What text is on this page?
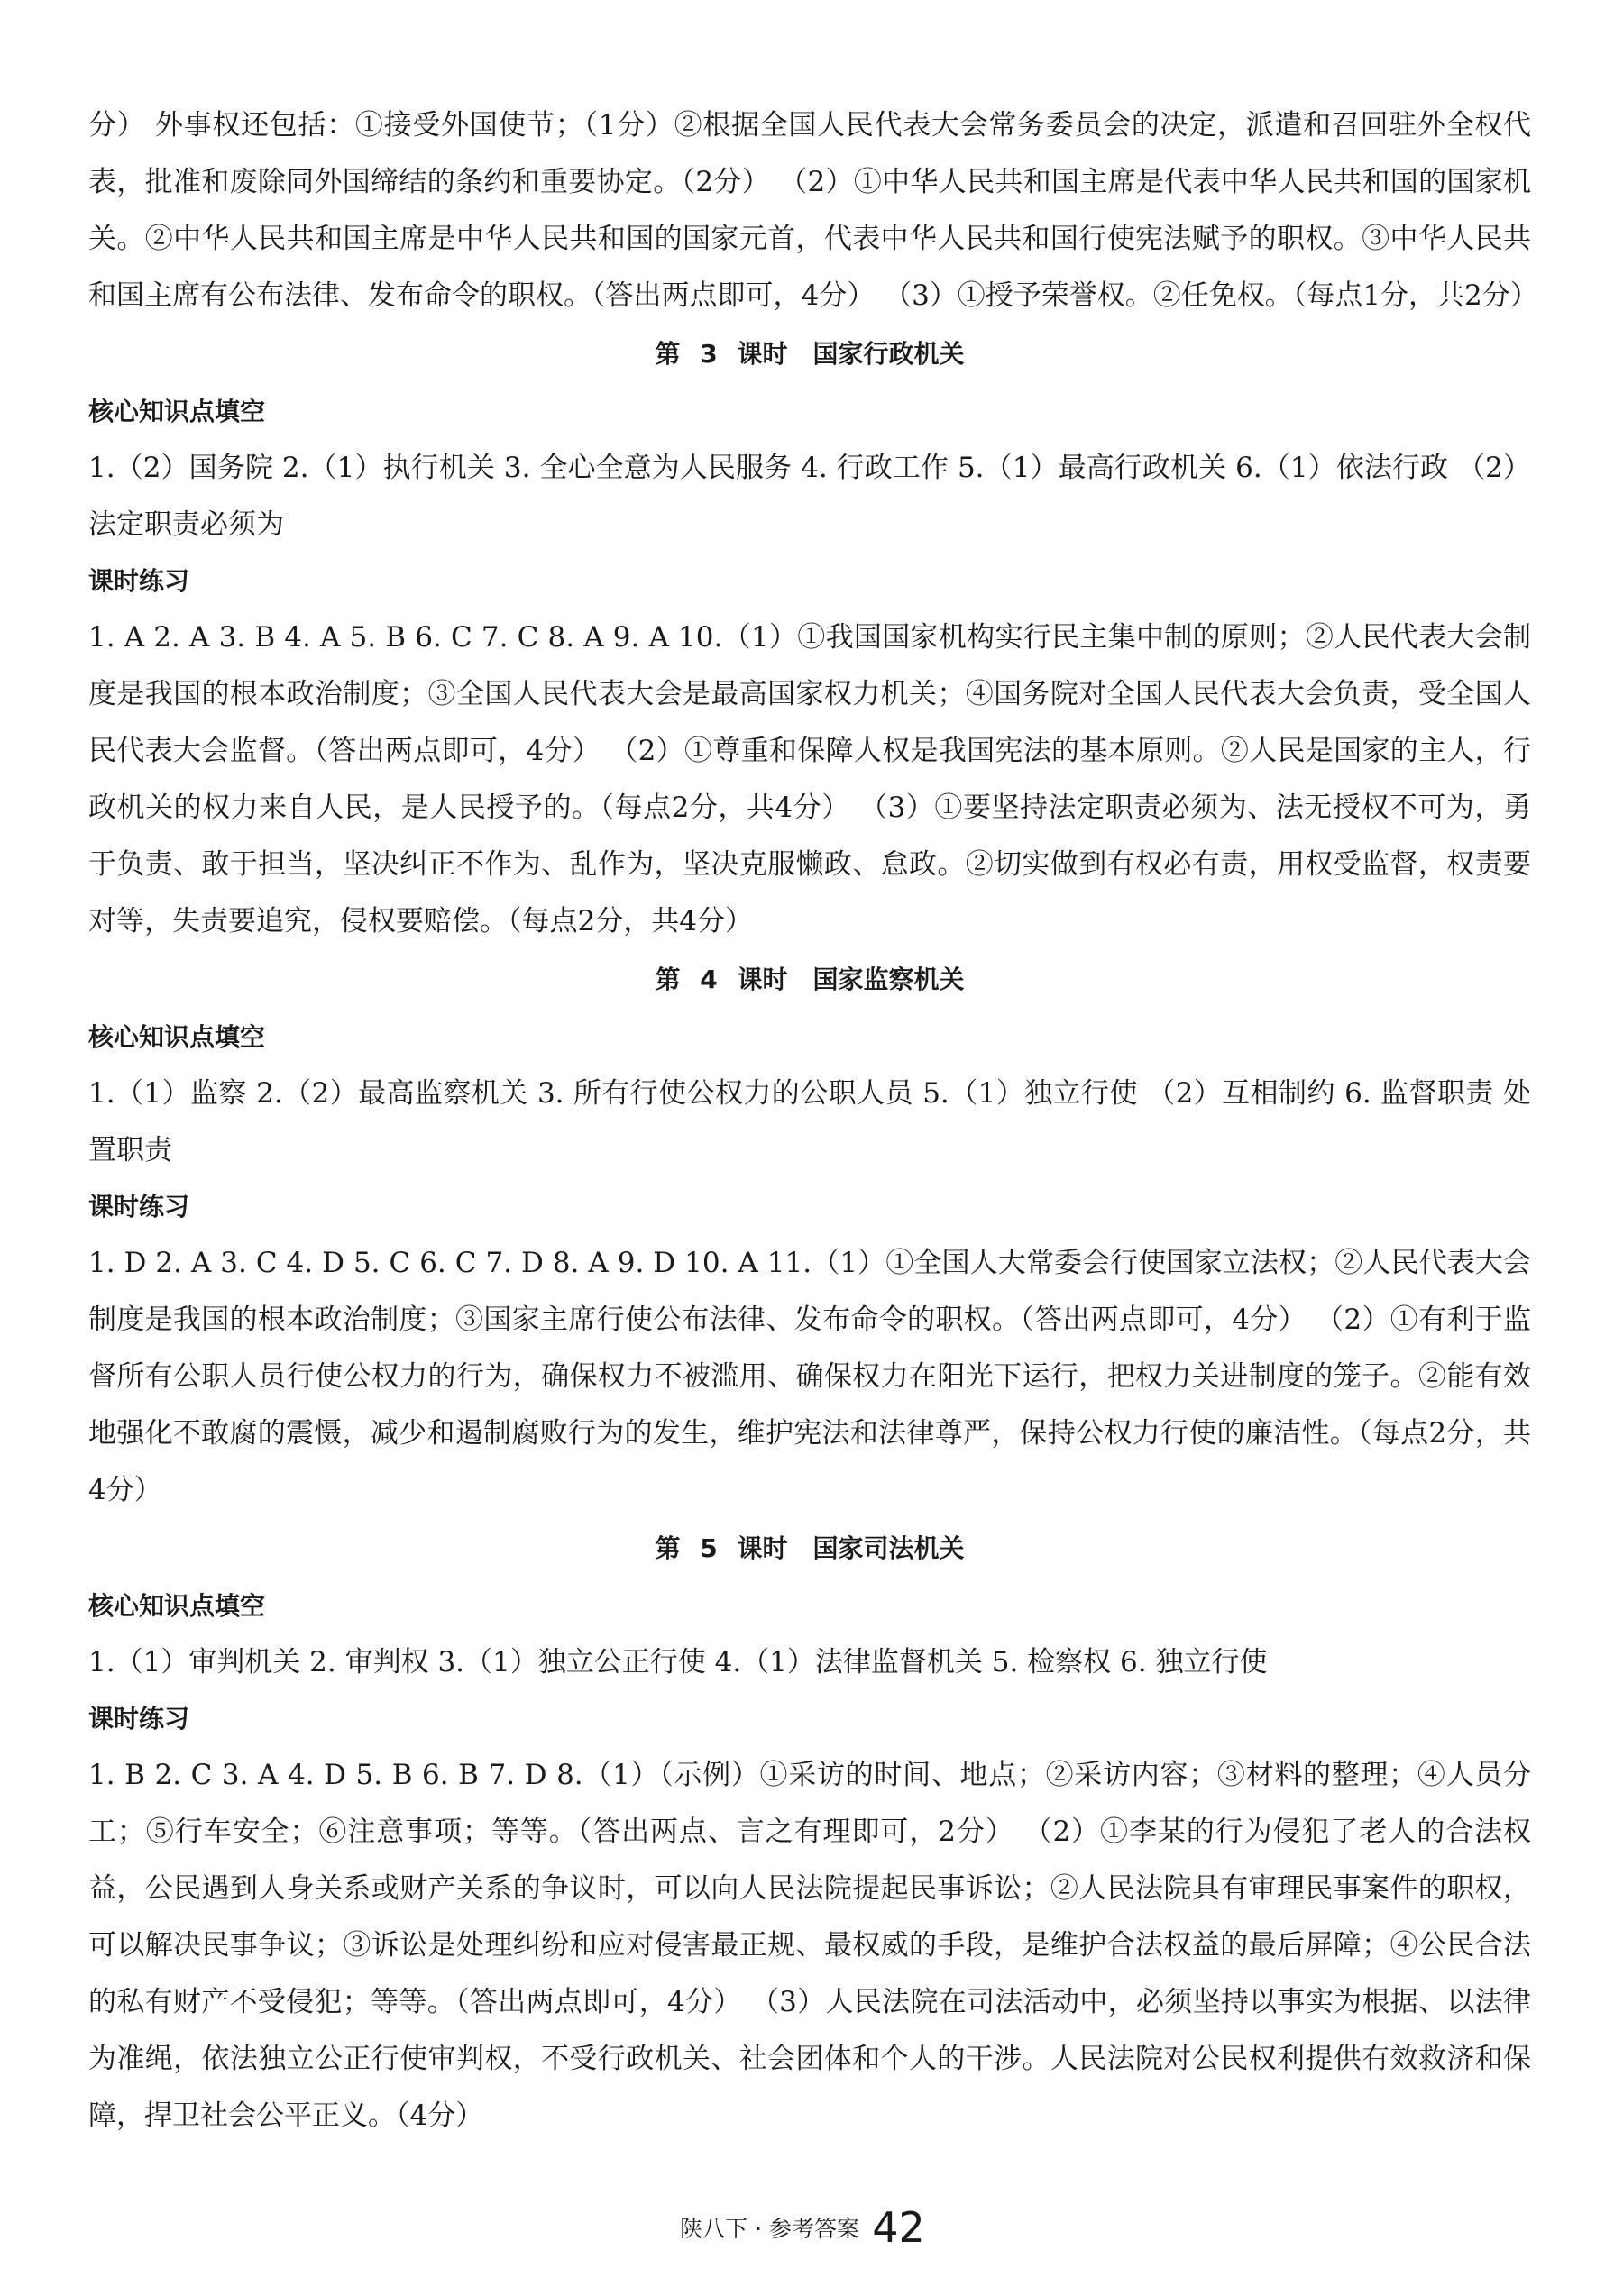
分） 外事权还包括：①接受外国使节；（1分）②根据全国人民代表大会常务委员会的决定，派遣和召回驻外全权代表，批准和废除同外国缔结的条约和重要协定。（2分） （2）①中华人民共和国主席是代表中华人民共和国的国家机关。②中华人民共和国主席是中华人民共和国的国家元首，代表中华人民共和国行使宪法赋予的职权。③中华人民共和国主席有公布法律、发布命令的职权。（答出两点即可，4分） （3）①授予荣誉权。②任免权。（每点1分，共2分）

第 3 课时　国家行政机关

核心知识点填空

1.（2）国务院 2.（1）执行机关 3. 全心全意为人民服务 4. 行政工作 5.（1）最高行政机关 6.（1）依法行政 （2）法定职责必须为

课时练习

1. A 2. A 3. B 4. A 5. B 6. C 7. C 8. A 9. A 10.（1）①我国国家机构实行民主集中制的原则；②人民代表大会制度是我国的根本政治制度；③全国人民代表大会是最高国家权力机关；④国务院对全国人民代表大会负责，受全国人民代表大会监督。（答出两点即可，4分） （2）①尊重和保障人权是我国宪法的基本原则。②人民是国家的主人，行政机关的权力来自人民，是人民授予的。（每点2分，共4分） （3）①要坚持法定职责必须为、法无授权不可为，勇于负责、敢于担当，坚决纠正不作为、乱作为，坚决克服懒政、怠政。②切实做到有权必有责，用权受监督，权责要对等，失责要追究，侵权要赔偿。（每点2分，共4分）

第 4 课时　国家监察机关

核心知识点填空

1.（1）监察 2.（2）最高监察机关 3. 所有行使公权力的公职人员 5.（1）独立行使 （2）互相制约 6. 监督职责 处置职责

课时练习

1. D 2. A 3. C 4. D 5. C 6. C 7. D 8. A 9. D 10. A 11.（1）①全国人大常委会行使国家立法权；②人民代表大会制度是我国的根本政治制度；③国家主席行使公布法律、发布命令的职权。（答出两点即可，4分） （2）①有利于监督所有公职人员行使公权力的行为，确保权力不被滥用、确保权力在阳光下运行，把权力关进制度的笼子。②能有效地强化不敢腐的震慑，减少和遏制腐败行为的发生，维护宪法和法律尊严，保持公权力行使的廉洁性。（每点2分，共4分）

第 5 课时　国家司法机关

核心知识点填空

1.（1）审判机关 2. 审判权 3.（1）独立公正行使 4.（1）法律监督机关 5. 检察权 6. 独立行使

课时练习

1. B 2. C 3. A 4. D 5. B 6. B 7. D 8.（1）（示例）①采访的时间、地点；②采访内容；③材料的整理；④人员分工；⑤行车安全；⑥注意事项；等等。（答出两点、言之有理即可，2分） （2）①李某的行为侵犯了老人的合法权益，公民遇到人身关系或财产关系的争议时，可以向人民法院提起民事诉讼；②人民法院具有审理民事案件的职权，可以解决民事争议；③诉讼是处理纠纷和应对侵害最正规、最权威的手段，是维护合法权益的最后屏障；④公民合法的私有财产不受侵犯；等等。（答出两点即可，4分） （3）人民法院在司法活动中，必须坚持以事实为根据、以法律为准绳，依法独立公正行使审判权，不受行政机关、社会团体和个人的干涉。人民法院对公民权利提供有效救济和保障，捍卫社会公平正义。（4分）

陕八下 · 参考答案 42
